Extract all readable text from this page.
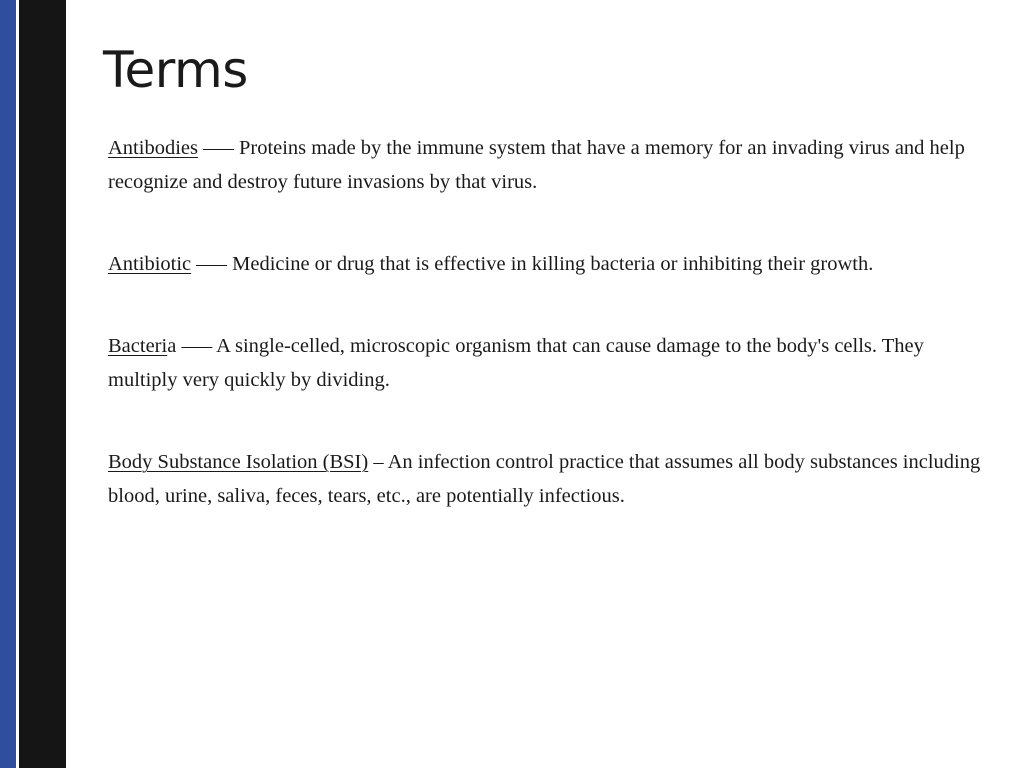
Terms

Antibodies —– Proteins made by the immune system that have a memory for an invading virus and help recognize and destroy future invasions by that virus.

Antibiotic —– Medicine or drug that is effective in killing bacteria or inhibiting their growth.

Bacteria —– A single-celled, microscopic organism that can cause damage to the body's cells. They multiply very quickly by dividing.

Body Substance Isolation (BSI) – An infection control practice that assumes all body substances including blood, urine, saliva, feces, tears, etc., are potentially infectious.
